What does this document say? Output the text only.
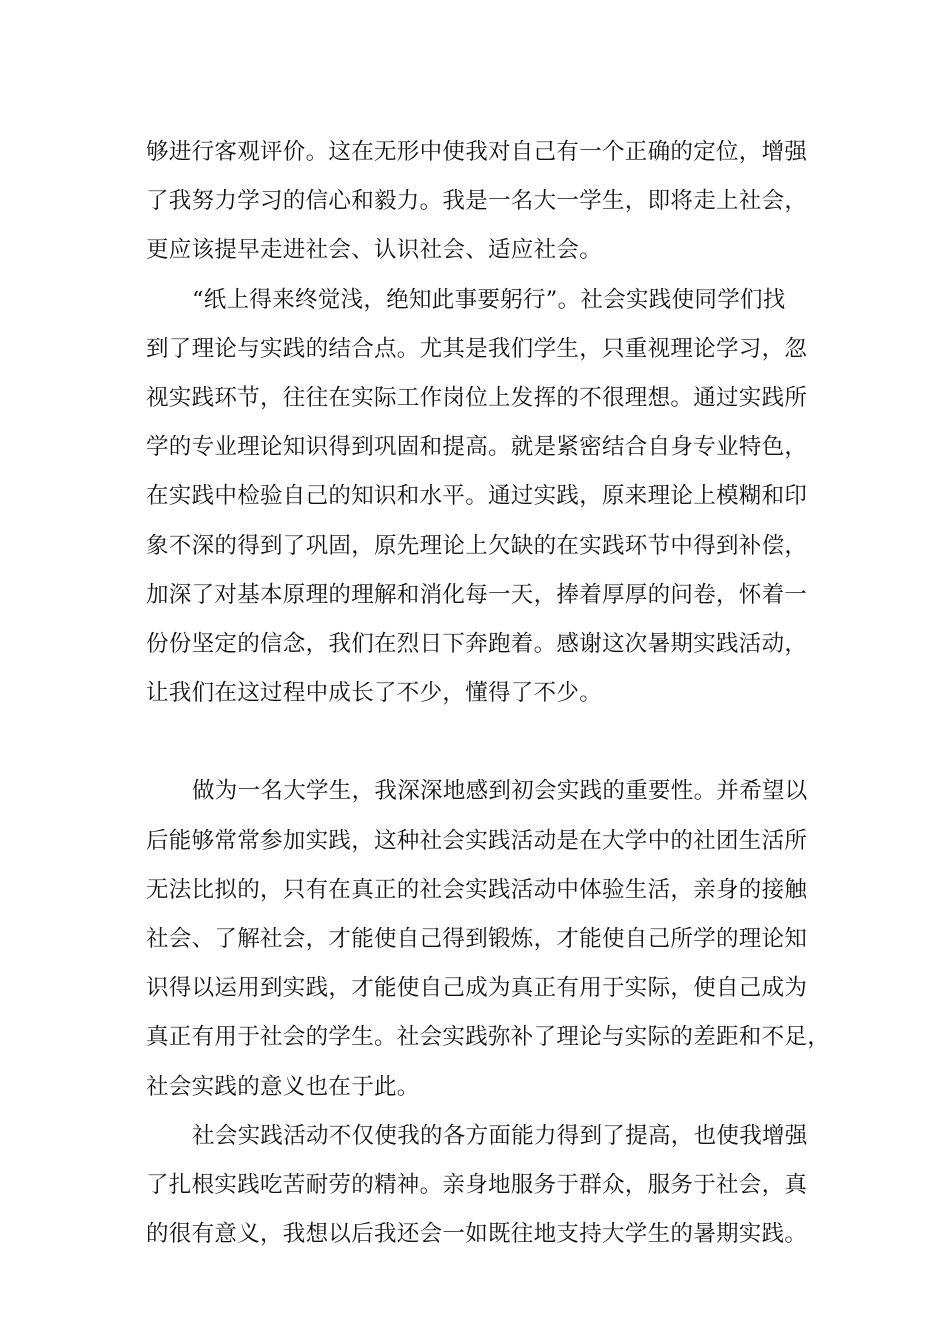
够进行客观评价。这在无形中使我对自己有一个正确的定位，增强
了我努力学习的信心和毅力。我是一名大一学生，即将走上社会，
更应该提早走进社会、认识社会、适应社会。
“纸上得来终觉浅，绝知此事要躬行”。社会实践使同学们找
到了理论与实践的结合点。尤其是我们学生，只重视理论学习，忽
视实践环节，往往在实际工作岗位上发挥的不很理想。通过实践所
学的专业理论知识得到巩固和提高。就是紧密结合自身专业特色，
在实践中检验自己的知识和水平。通过实践，原来理论上模糊和印
象不深的得到了巩固，原先理论上欠缺的在实践环节中得到补偿，
加深了对基本原理的理解和消化每一天，捧着厚厚的问卷，怀着一
份份坚定的信念，我们在烈日下奔跑着。感谢这次暑期实践活动，
让我们在这过程中成长了不少，懂得了不少。
做为一名大学生，我深深地感到初会实践的重要性。并希望以
后能够常常参加实践，这种社会实践活动是在大学中的社团生活所
无法比拟的，只有在真正的社会实践活动中体验生活，亲身的接触
社会、了解社会，才能使自己得到锻炼，才能使自己所学的理论知
识得以运用到实践，才能使自己成为真正有用于实际，使自己成为
真正有用于社会的学生。社会实践弥补了理论与实际的差距和不足，
社会实践的意义也在于此。
社会实践活动不仅使我的各方面能力得到了提高，也使我增强
了扎根实践吃苦耐劳的精神。亲身地服务于群众，服务于社会，真
的很有意义，我想以后我还会一如既往地支持大学生的暑期实践。
